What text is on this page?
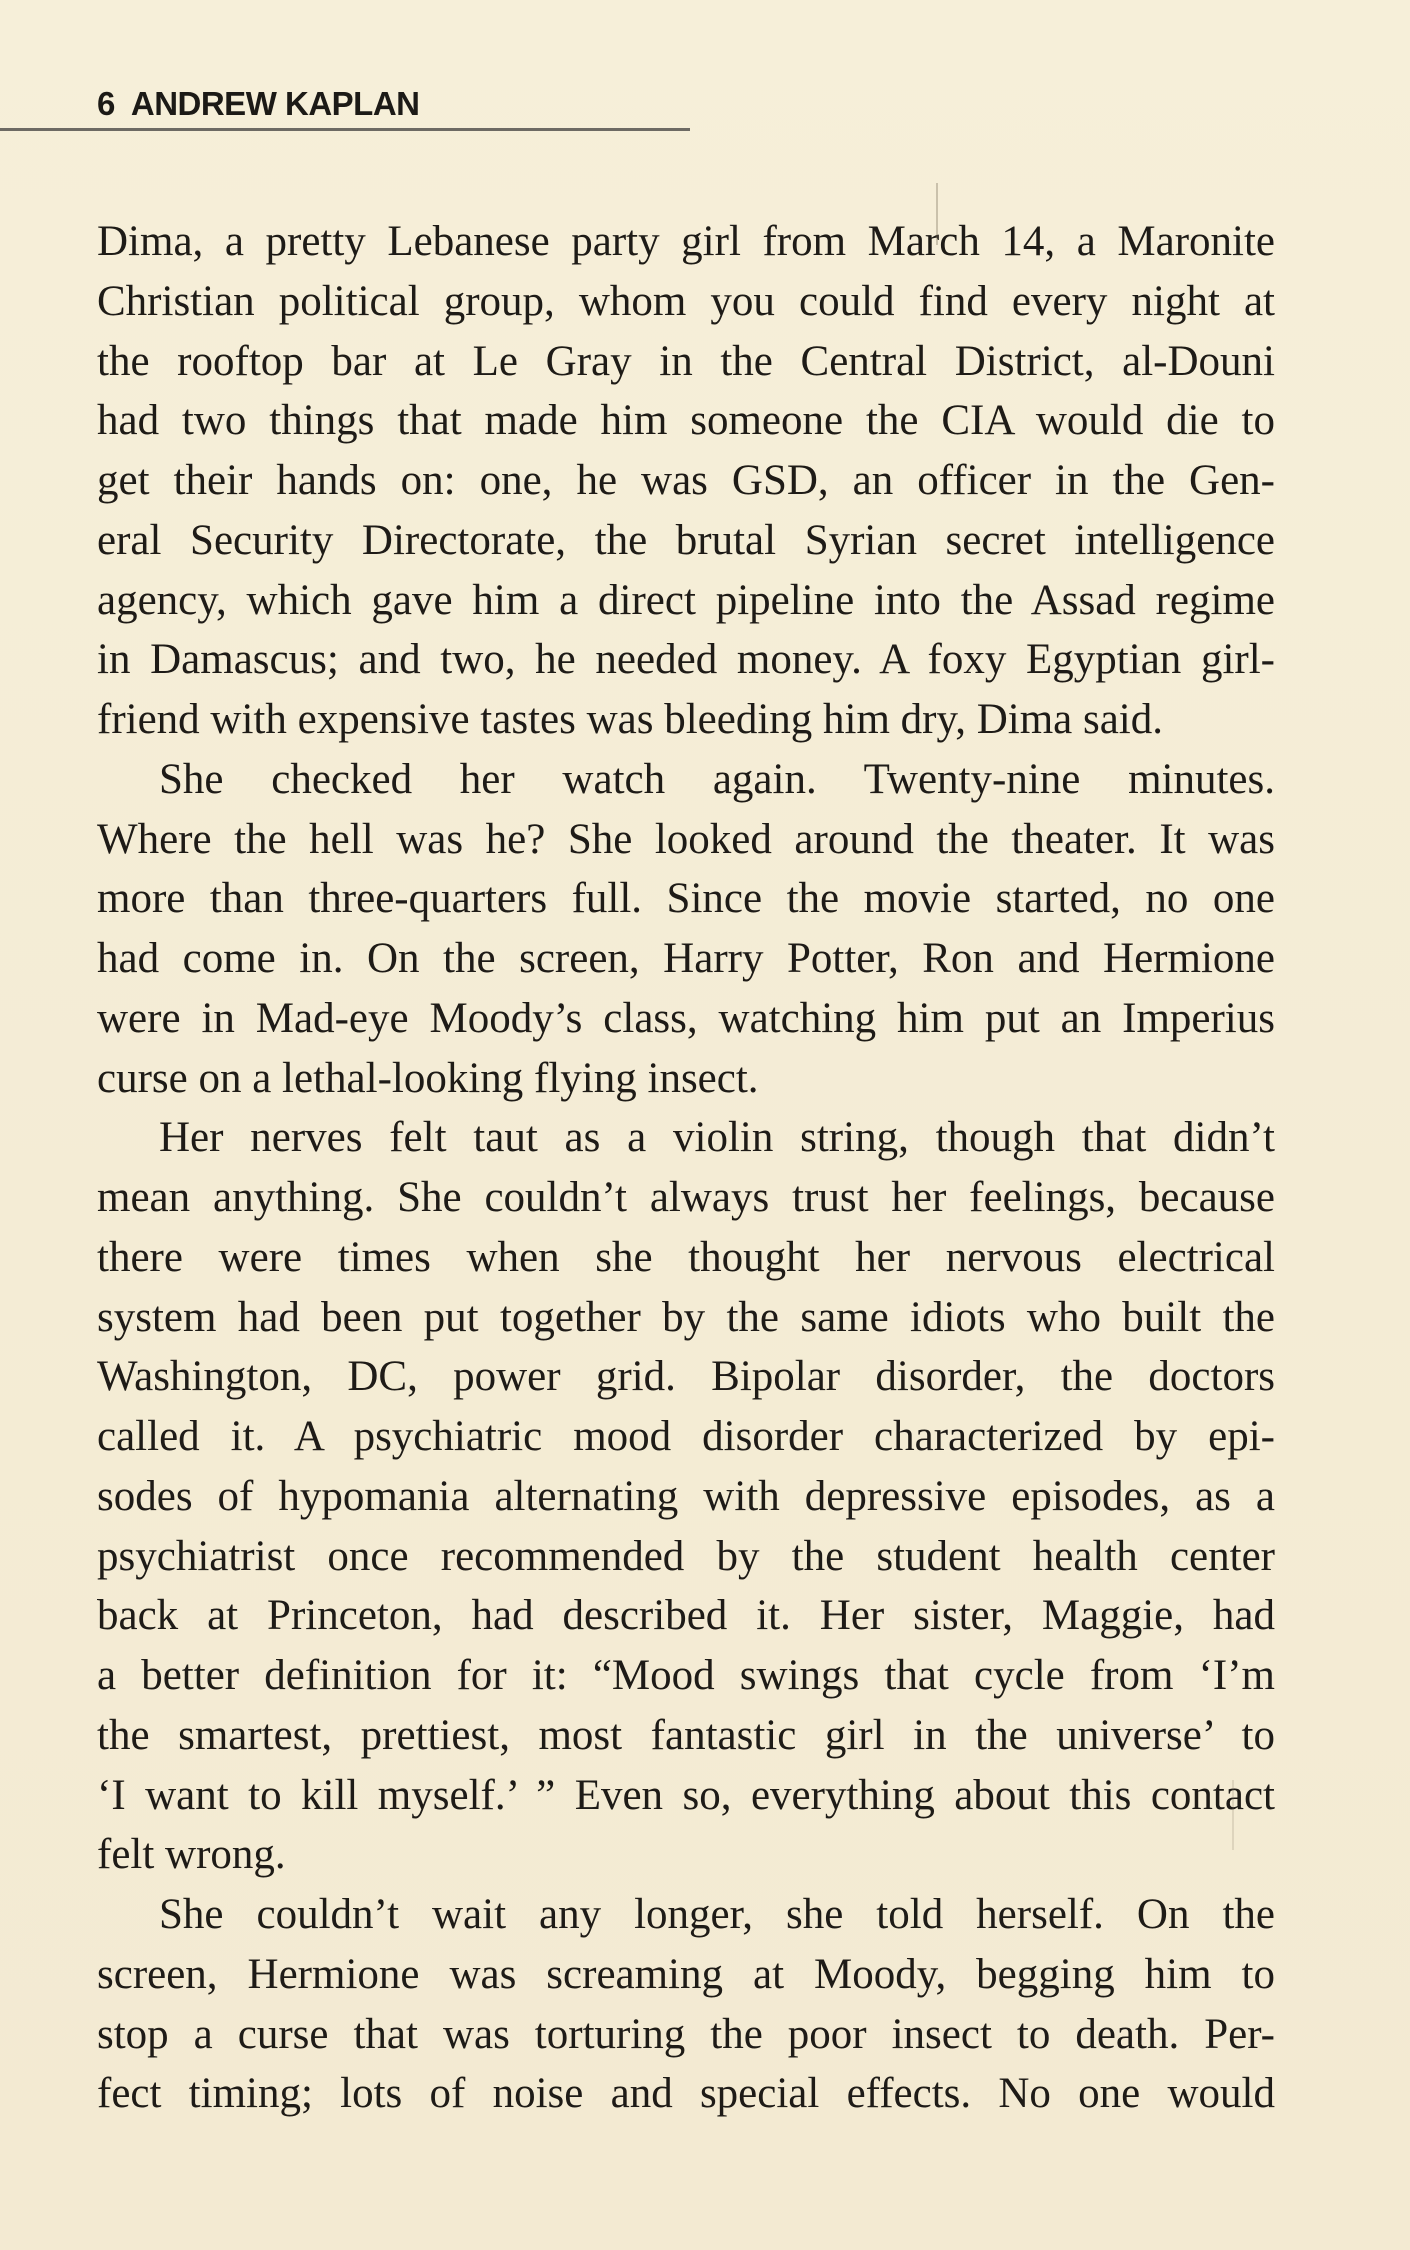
6 ANDREW KAPLAN
Dima, a pretty Lebanese party girl from March 14, a Maronite
Christian political group, whom you could find every night at
the rooftop bar at Le Gray in the Central District, al-Douni
had two things that made him someone the CIA would die to
get their hands on: one, he was GSD, an officer in the Gen-
eral Security Directorate, the brutal Syrian secret intelligence
agency, which gave him a direct pipeline into the Assad regime
in Damascus; and two, he needed money. A foxy Egyptian girl-
friend with expensive tastes was bleeding him dry, Dima said.
She checked her watch again. Twenty-nine minutes.
Where the hell was he? She looked around the theater. It was
more than three-quarters full. Since the movie started, no one
had come in. On the screen, Harry Potter, Ron and Hermione
were in Mad-eye Moody’s class, watching him put an Imperius
curse on a lethal-looking flying insect.
Her nerves felt taut as a violin string, though that didn’t
mean anything. She couldn’t always trust her feelings, because
there were times when she thought her nervous electrical
system had been put together by the same idiots who built the
Washington, DC, power grid. Bipolar disorder, the doctors
called it. A psychiatric mood disorder characterized by epi-
sodes of hypomania alternating with depressive episodes, as a
psychiatrist once recommended by the student health center
back at Princeton, had described it. Her sister, Maggie, had
a better definition for it: “Mood swings that cycle from ‘I’m
the smartest, prettiest, most fantastic girl in the universe’ to
‘I want to kill myself.’ ” Even so, everything about this contact
felt wrong.
She couldn’t wait any longer, she told herself. On the
screen, Hermione was screaming at Moody, begging him to
stop a curse that was torturing the poor insect to death. Per-
fect timing; lots of noise and special effects. No one would
